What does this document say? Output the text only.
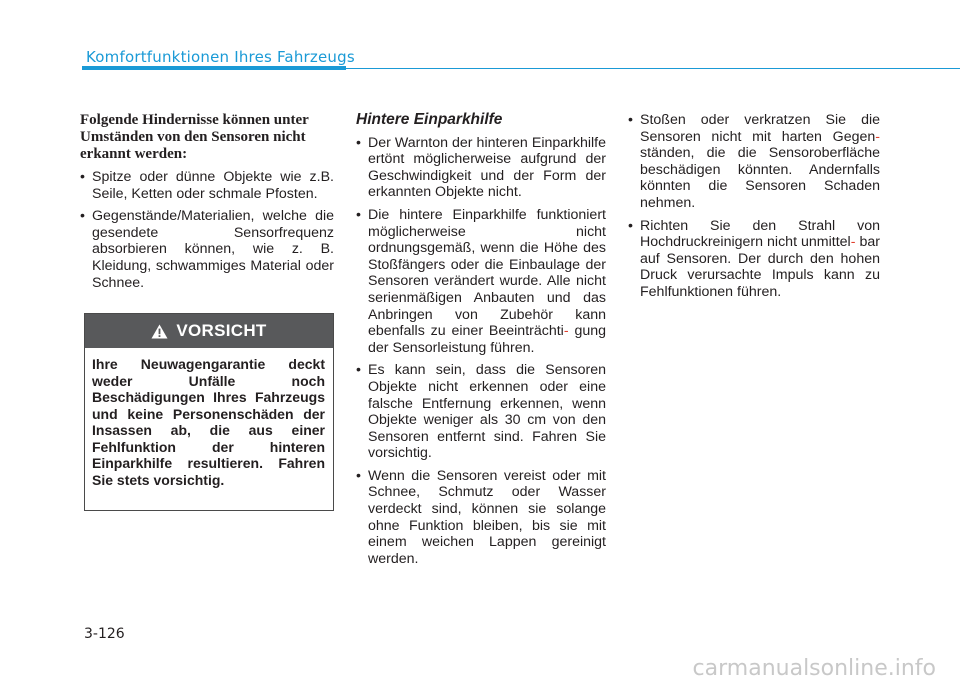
Komfortfunktionen Ihres Fahrzeugs

Folgende Hindernisse können unter Umständen von den Sensoren nicht erkannt werden:

• Spitze oder dünne Objekte wie z.B. Seile, Ketten oder schmale Pfosten.
• Gegenstände/Materialien, welche die gesendete Sensorfrequenz absorbieren können, wie z. B. Kleidung, schwammiges Material oder Schnee.
VORSICHT
Ihre Neuwagengarantie deckt weder Unfälle noch Beschädigungen Ihres Fahrzeugs und keine Personenschäden der Insassen ab, die aus einer Fehlfunktion der hinteren Einparkhilfe resultieren. Fahren Sie stets vorsichtig.

Hintere Einparkhilfe

• Der Warnton der hinteren Einparkhilfe ertönt möglicherweise aufgrund der Geschwindigkeit und der Form der erkannten Objekte nicht.
• Die hintere Einparkhilfe funktioniert möglicherweise nicht ordnungsgemäß, wenn die Höhe des Stoßfängers oder die Einbaulage der Sensoren verändert wurde. Alle nicht serienmäßigen Anbauten und das Anbringen von Zubehör kann ebenfalls zu einer Beeinträchti- gung der Sensorleistung führen.
• Es kann sein, dass die Sensoren Objekte nicht erkennen oder eine falsche Entfernung erkennen, wenn Objekte weniger als 30 cm von den Sensoren entfernt sind. Fahren Sie vorsichtig.
• Wenn die Sensoren vereist oder mit Schnee, Schmutz oder Wasser verdeckt sind, können sie solange ohne Funktion bleiben, bis sie mit einem weichen Lappen gereinigt werden.
• Stoßen oder verkratzen Sie die Sensoren nicht mit harten Gegen- ständen, die die Sensoroberfläche beschädigen könnten. Andernfalls könnten die Sensoren Schaden nehmen.
• Richten Sie den Strahl von Hochdruckreinigern nicht unmittel- bar auf Sensoren. Der durch den hohen Druck verursachte Impuls kann zu Fehlfunktionen führen.
3-126
carmanualsonline.info
